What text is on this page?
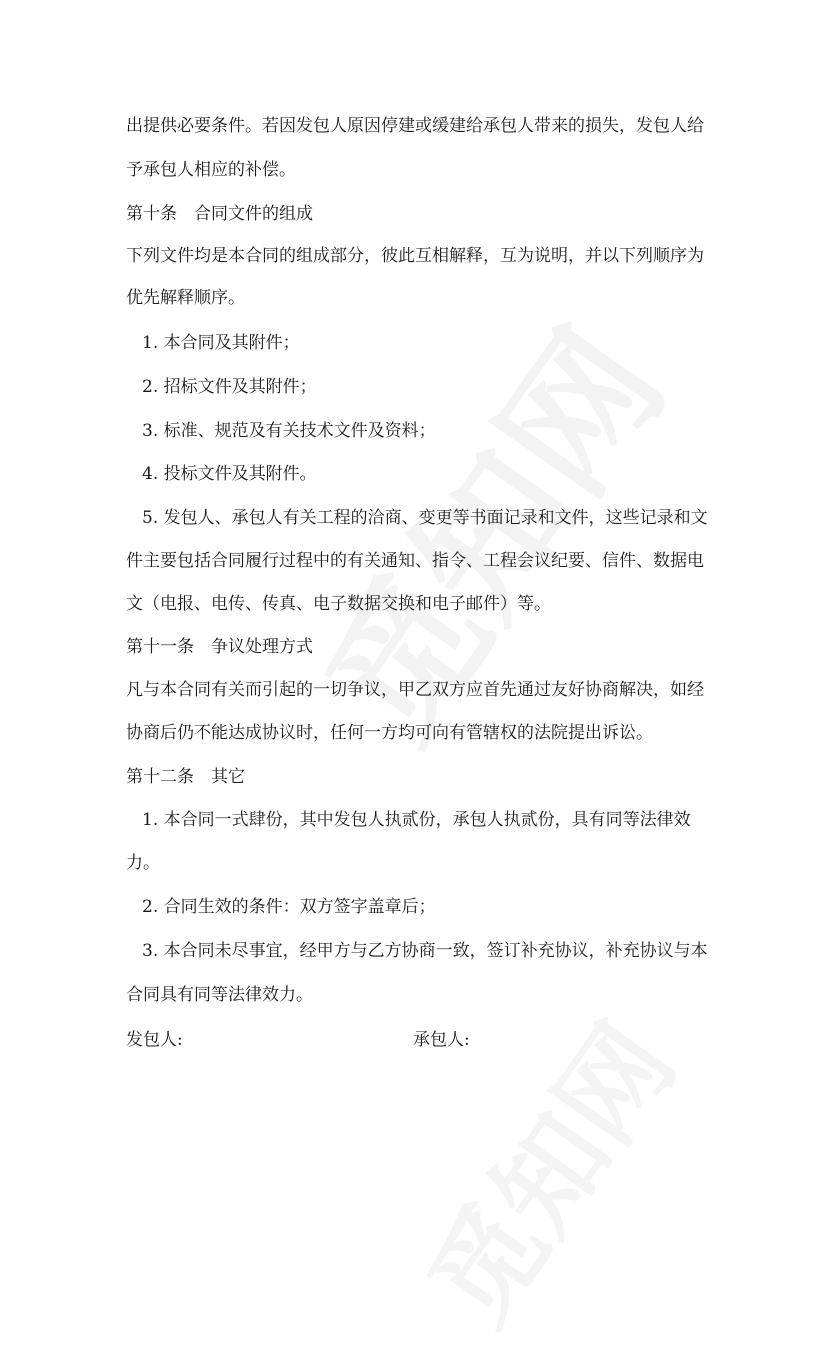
出提供必要条件。若因发包人原因停建或缓建给承包人带来的损失，发包人给
予承包人相应的补偿。
第十条　合同文件的组成
下列文件均是本合同的组成部分，彼此互相解释，互为说明，并以下列顺序为
优先解释顺序。
1. 本合同及其附件；
2. 招标文件及其附件；
3. 标准、规范及有关技术文件及资料；
4. 投标文件及其附件。
5. 发包人、承包人有关工程的洽商、变更等书面记录和文件，这些记录和文
件主要包括合同履行过程中的有关通知、指令、工程会议纪要、信件、数据电
文（电报、电传、传真、电子数据交换和电子邮件）等。
第十一条　争议处理方式
凡与本合同有关而引起的一切争议，甲乙双方应首先通过友好协商解决，如经
协商后仍不能达成协议时，任何一方均可向有管辖权的法院提出诉讼。
第十二条　其它
1. 本合同一式肆份，其中发包人执贰份，承包人执贰份，具有同等法律效
力。
2. 合同生效的条件：双方签字盖章后；
3. 本合同未尽事宜，经甲方与乙方协商一致，签订补充协议，补充协议与本
合同具有同等法律效力。
发包人:	承包人:
